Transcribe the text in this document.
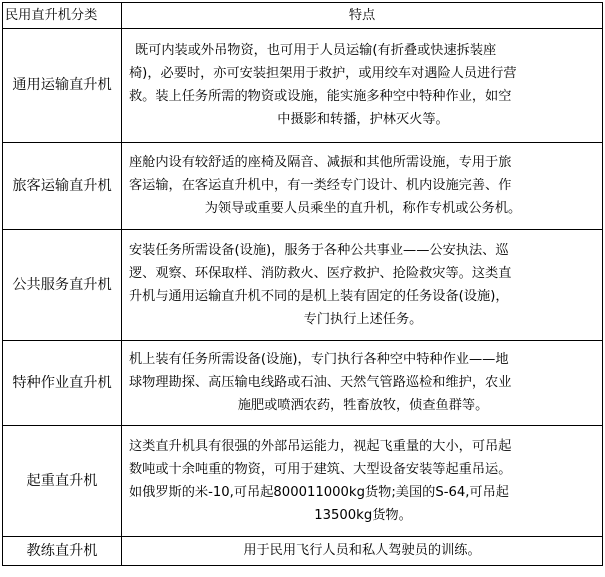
民用直升机分类	特点
通用运输直升机	既可内装或外吊物资，也可用于人员运输(有折叠或快速拆装座
椅)，必要时，亦可安装担架用于救护，或用绞车对遇险人员进行营
救。装上任务所需的物资或设施，能实施多种空中特种作业，如空
中摄影和转播，护林灭火等。

旅客运输直升机	座舱内设有较舒适的座椅及隔音、减振和其他所需设施，专用于旅
客运输，在客运直升机中，有一类经专门设计、机内设施完善、作
为领导或重要人员乘坐的直升机，称作专机或公务机。

公共服务直升机	安装任务所需设备(设施)，服务于各种公共事业——公安执法、巡
逻、观察、环保取样、消防救火、医疗救护、抢险救灾等。这类直
升机与通用运输直升机不同的是机上装有固定的任务设备(设施)，
专门执行上述任务。

特种作业直升机	机上装有任务所需设备(设施)，专门执行各种空中特种作业——地
球物理勘探、高压输电线路或石油、天然气管路巡检和维护，农业
施肥或喷洒农药，牲畜放牧，侦查鱼群等。

起重直升机	这类直升机具有很强的外部吊运能力，视起飞重量的大小，可吊起
数吨或十余吨重的物资，可用于建筑、大型设备安装等起重吊运。
如俄罗斯的米-10,可吊起800011000kg货物;美国的S-64,可吊起
13500kg货物。

教练直升机	用于民用飞行人员和私人驾驶员的训练。
